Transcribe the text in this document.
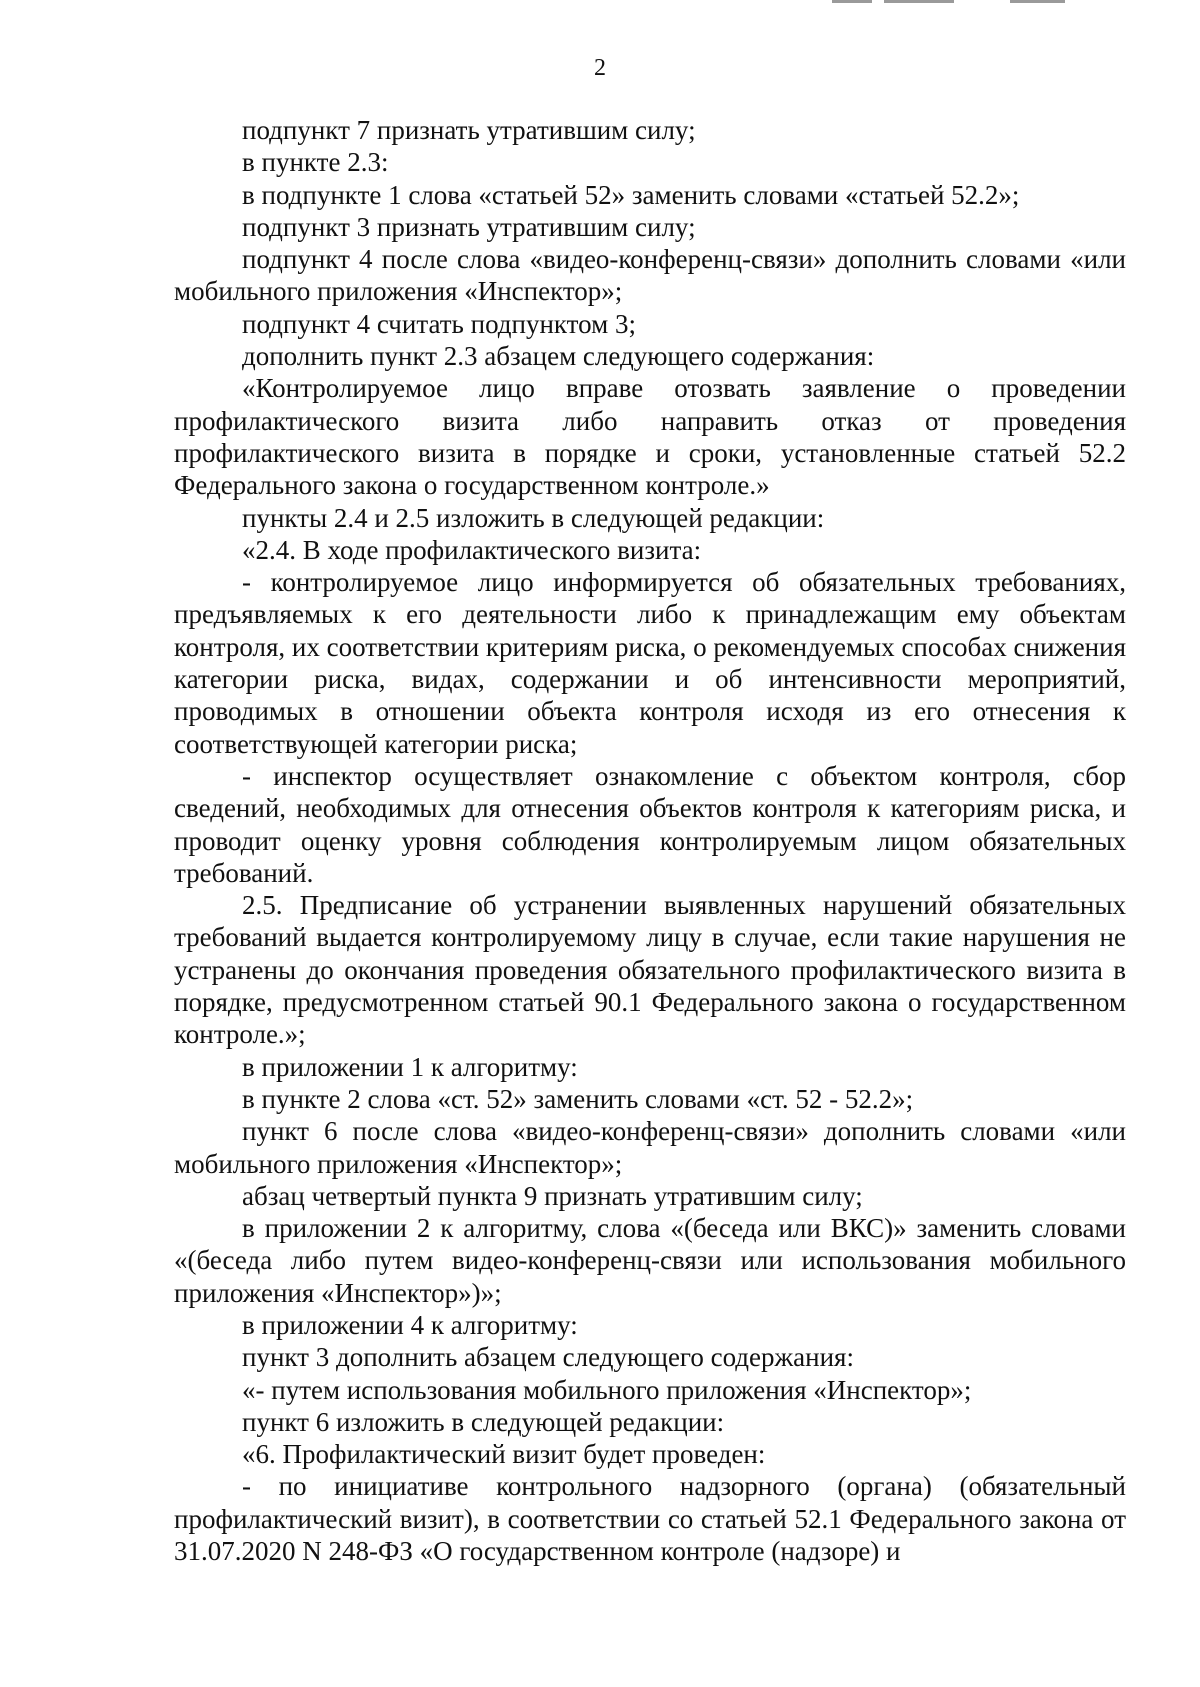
2

подпункт 7 признать утратившим силу;

в пункте 2.3:

в подпункте 1 слова «статьей 52» заменить словами «статьей 52.2»;

подпункт 3 признать утратившим силу;

подпункт 4 после слова «видео-конференц-связи» дополнить словами «или мобильного приложения «Инспектор»;

подпункт 4 считать подпунктом 3;

дополнить пункт 2.3 абзацем следующего содержания:

«Контролируемое лицо вправе отозвать заявление о проведении профилактического визита либо направить отказ от проведения профилактического визита в порядке и сроки, установленные статьей 52.2 Федерального закона о государственном контроле.»

пункты 2.4 и 2.5 изложить в следующей редакции:

«2.4. В ходе профилактического визита:

- контролируемое лицо информируется об обязательных требованиях, предъявляемых к его деятельности либо к принадлежащим ему объектам контроля, их соответствии критериям риска, о рекомендуемых способах снижения категории риска, видах, содержании и об интенсивности мероприятий, проводимых в отношении объекта контроля исходя из его отнесения к соответствующей категории риска;

- инспектор осуществляет ознакомление с объектом контроля, сбор сведений, необходимых для отнесения объектов контроля к категориям риска, и проводит оценку уровня соблюдения контролируемым лицом обязательных требований.

2.5. Предписание об устранении выявленных нарушений обязательных требований выдается контролируемому лицу в случае, если такие нарушения не устранены до окончания проведения обязательного профилактического визита в порядке, предусмотренном статьей 90.1 Федерального закона о государственном контроле.»;

в приложении 1 к алгоритму:

в пункте 2 слова «ст. 52» заменить словами «ст. 52 - 52.2»;

пункт 6 после слова «видео-конференц-связи» дополнить словами «или мобильного приложения «Инспектор»;

абзац четвертый пункта 9 признать утратившим силу;

в приложении 2 к алгоритму, слова «(беседа или ВКС)» заменить словами «(беседа либо путем видео-конференц-связи или использования мобильного приложения «Инспектор»)»;

в приложении 4 к алгоритму:

пункт 3 дополнить абзацем следующего содержания:

«- путем использования мобильного приложения «Инспектор»;

пункт 6 изложить в следующей редакции:

«6. Профилактический визит будет проведен:

- по инициативе контрольного надзорного (органа) (обязательный профилактический визит), в соответствии со статьей 52.1 Федерального закона от 31.07.2020 N 248-ФЗ «О государственном контроле (надзоре) и
